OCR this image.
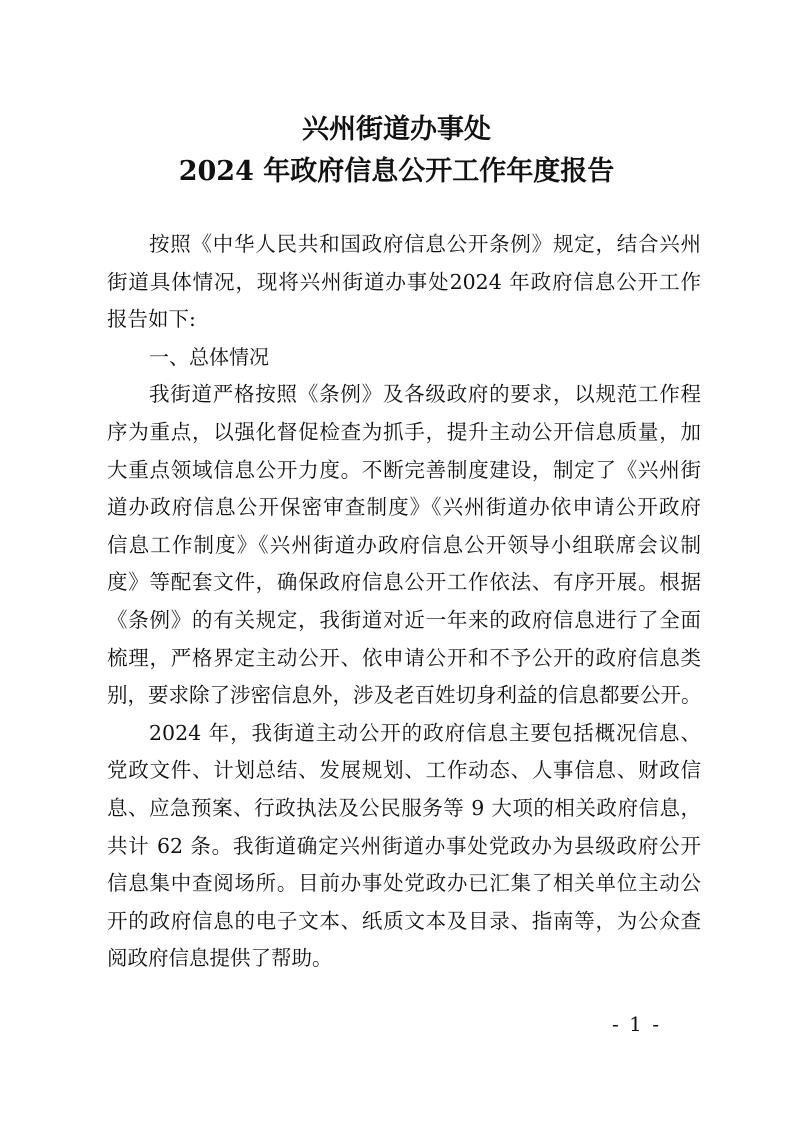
兴州街道办事处
2024 年政府信息公开工作年度报告
按照《中华人民共和国政府信息公开条例》规定，结合兴州
街道具体情况，现将兴州街道办事处2024 年政府信息公开工作
报告如下:
一、总体情况
我街道严格按照《条例》及各级政府的要求，以规范工作程
序为重点，以强化督促检查为抓手，提升主动公开信息质量，加
大重点领域信息公开力度。不断完善制度建设，制定了《兴州街
道办政府信息公开保密审查制度》《兴州街道办依申请公开政府
信息工作制度》《兴州街道办政府信息公开领导小组联席会议制
度》等配套文件，确保政府信息公开工作依法、有序开展。根据
《条例》的有关规定，我街道对近一年来的政府信息进行了全面
梳理，严格界定主动公开、依申请公开和不予公开的政府信息类
别，要求除了涉密信息外，涉及老百姓切身利益的信息都要公开。
2024 年，我街道主动公开的政府信息主要包括概况信息、
党政文件、计划总结、发展规划、工作动态、人事信息、财政信
息、应急预案、行政执法及公民服务等 9 大项的相关政府信息，
共计 62 条。我街道确定兴州街道办事处党政办为县级政府公开
信息集中查阅场所。目前办事处党政办已汇集了相关单位主动公
开的政府信息的电子文本、纸质文本及目录、指南等，为公众查
阅政府信息提供了帮助。
- 1 -
